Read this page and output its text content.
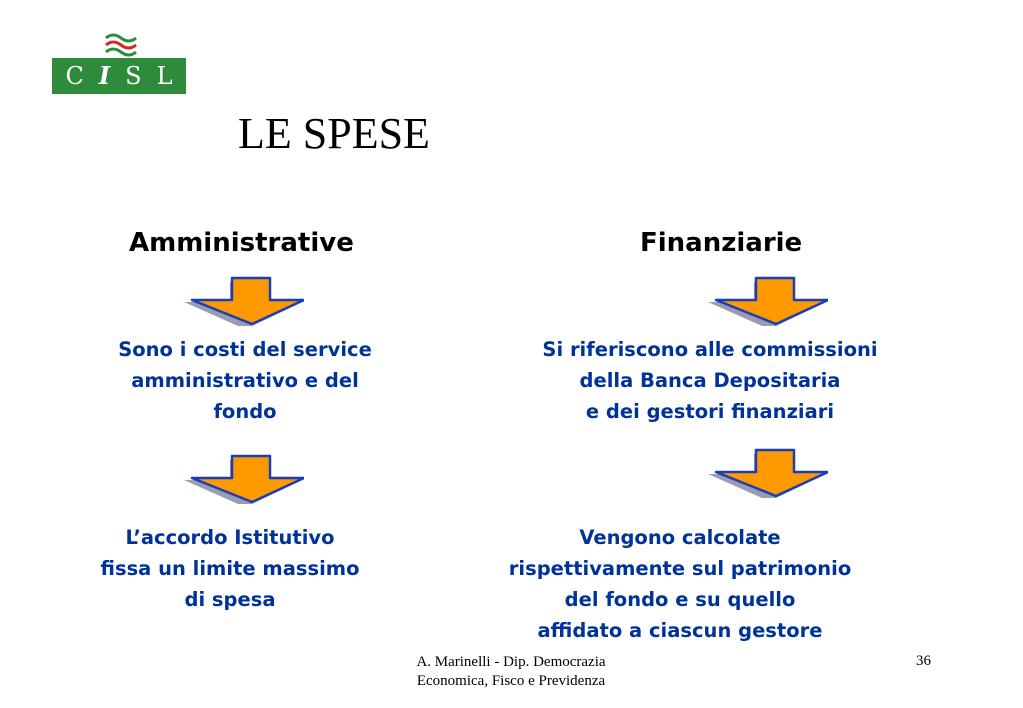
C I S L
LE SPESE
Amministrative	Finanziarie
Sono i costi del service
amministrativo e del
fondo
L’accordo Istitutivo
fissa un limite massimo
di spesa
Si riferiscono alle commissioni
della Banca Depositaria
e dei gestori finanziari
Vengono calcolate
rispettivamente sul patrimonio
del fondo e su quello
affidato a ciascun gestore
A. Marinelli - Dip. Democrazia
Economica, Fisco e Previdenza
36
